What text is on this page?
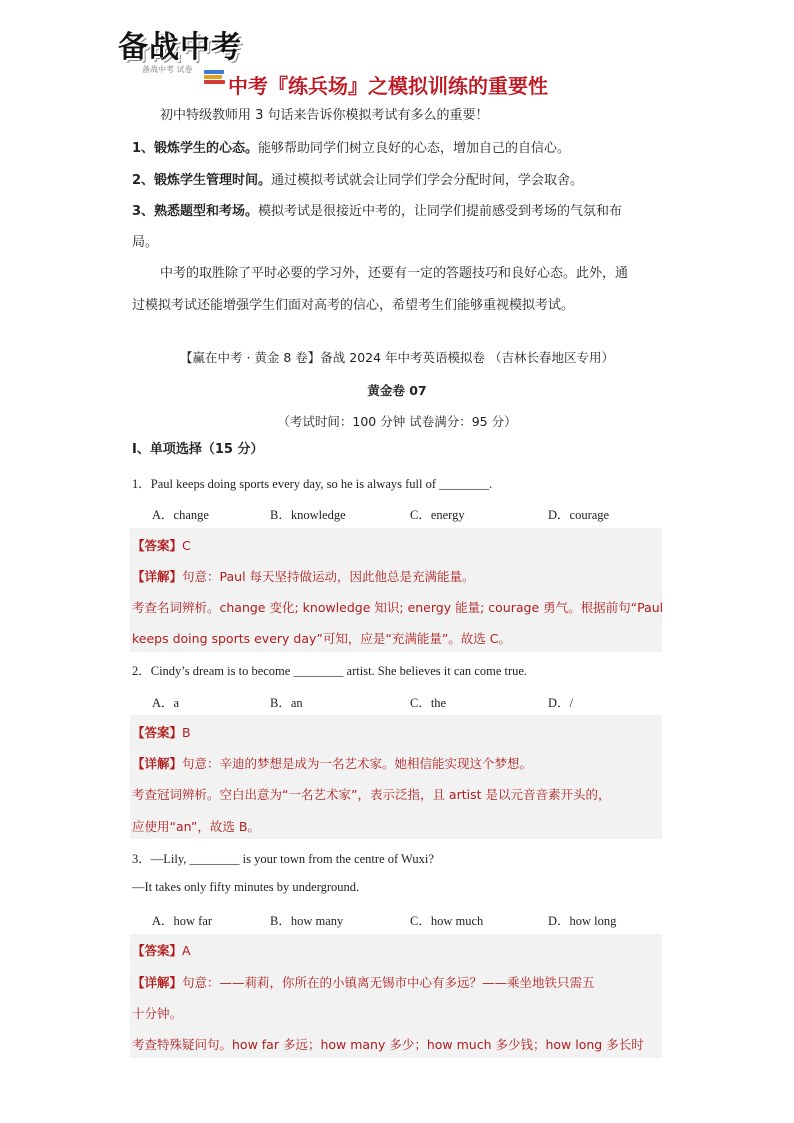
备战中考
备战中考 试卷
中考『练兵场』之模拟训练的重要性
初中特级教师用 3 句话来告诉你模拟考试有多么的重要！
1、锻炼学生的心态。能够帮助同学们树立良好的心态，增加自己的自信心。
2、锻炼学生管理时间。通过模拟考试就会让同学们学会分配时间，学会取舍。
3、熟悉题型和考场。模拟考试是很接近中考的，让同学们提前感受到考场的气氛和布
局。
中考的取胜除了平时必要的学习外，还要有一定的答题技巧和良好心态。此外，通
过模拟考试还能增强学生们面对高考的信心，希望考生们能够重视模拟考试。
【赢在中考 · 黄金 8 卷】备战 2024 年中考英语模拟卷 （吉林长春地区专用）
黄金卷 07
（考试时间：100 分钟 试卷满分：95 分）
I、单项选择（15 分）
1．Paul keeps doing sports every day, so he is always full of ________.
A．change	B．knowledge	C．energy	D．courage
【答案】C
【详解】句意：Paul 每天坚持做运动，因此他总是充满能量。
考查名词辨析。change 变化; knowledge 知识; energy 能量; courage 勇气。根据前句“Paul
keeps doing sports every day”可知，应是“充满能量”。故选 C。
2．Cindy’s dream is to become ________ artist. She believes it can come true.
A．a	B．an	C．the	D．/
【答案】B
【详解】句意：辛迪的梦想是成为一名艺术家。她相信能实现这个梦想。
考查冠词辨析。空白出意为“一名艺术家”，表示泛指，且 artist 是以元音音素开头的，
应使用“an”，故选 B。
3．—Lily, ________ is your town from the centre of Wuxi?
—It takes only fifty minutes by underground.
A．how far	B．how many	C．how much	D．how long
【答案】A
【详解】句意：——莉莉，你所在的小镇离无锡市中心有多远？——乘坐地铁只需五
十分钟。
考查特殊疑问句。how far 多远；how many 多少；how much 多少钱；how long 多长时
